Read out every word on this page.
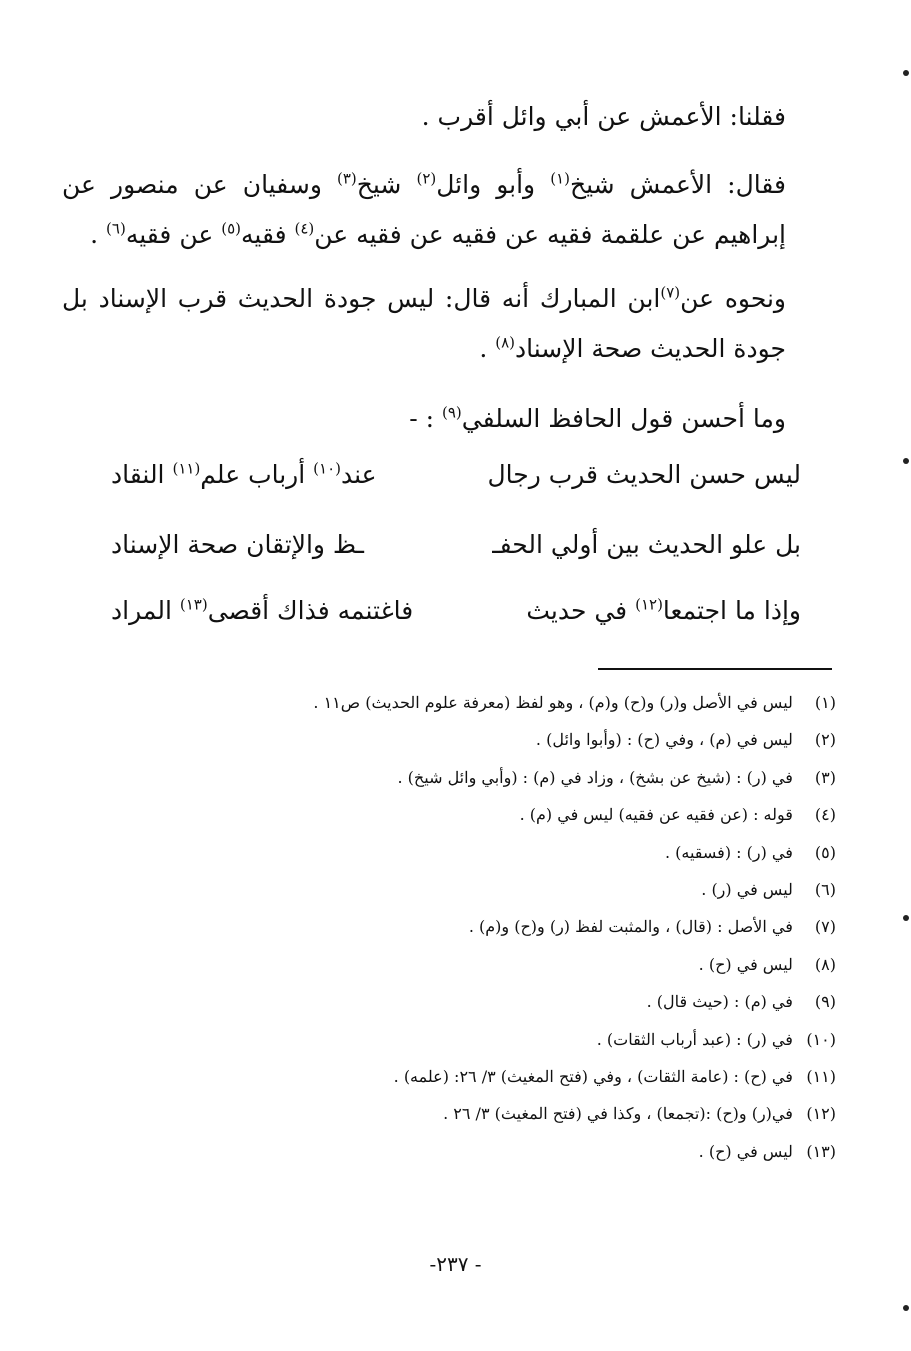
فقلنا: الأعمش عن أبي وائل أقرب .

فقال: الأعمش شيخ$^{(١)}$ وأبو وائل$^{(٢)}$ شيخ$^{(٣)}$ وسفيان عن منصور عن إبراهيم عن علقمة فقيه عن فقيه عن فقيه عن$^{(٤)}$ فقيه$^{(٥)}$ عن فقيه$^{(٦)}$ .

ونحوه عن$^{(٧)}$ابن المبارك أنه قال: ليس جودة الحديث قرب الإسناد بل جودة الحديث صحة الإسناد$^{(٨)}$ .

وما أحسن قول الحافظ السلفي$^{(٩)}$ : -

ليس حسن الحديث قرب رجال
عند$^{(١٠)}$ أرباب علم$^{(١١)}$ النقاد
بل علو الحديث بين أولي الحفـ
ـظ والإتقان صحة الإسناد
وإذا ما اجتمعا$^{(١٢)}$ في حديث
فاغتنمه فذاك أقصى$^{(١٣)}$ المراد
(١) ليس في الأصل و(ر) و(ح) و(م) ، وهو لفظ (معرفة علوم الحديث) ص١١ .
(٢) ليس في (م) ، وفي (ح) : (وأبوا وائل) .
(٣) في (ر) : (شيخ عن بشخ) ، وزاد في (م) : (وأبي وائل شيخ) .
(٤) قوله : (عن فقيه عن فقيه) ليس في (م) .
(٥) في (ر) : (فسقيه) .
(٦) ليس في (ر) .
(٧) في الأصل : (قال) ، والمثبت لفظ (ر) و(ح) و(م) .
(٨) ليس في (ح) .
(٩) في (م) : (حيث قال) .
(١٠) في (ر) : (عبد أرباب الثقات) .
(١١) في (ح) : (عامة الثقات) ، وفي (فتح المغيث) ٣/ ٢٦: (علمه) .
(١٢) في(ر) و(ح) :(تجمعا) ، وكذا في (فتح المغيث) ٣/ ٢٦ .
(١٣) ليس في (ح) .
- ٢٣٧-
